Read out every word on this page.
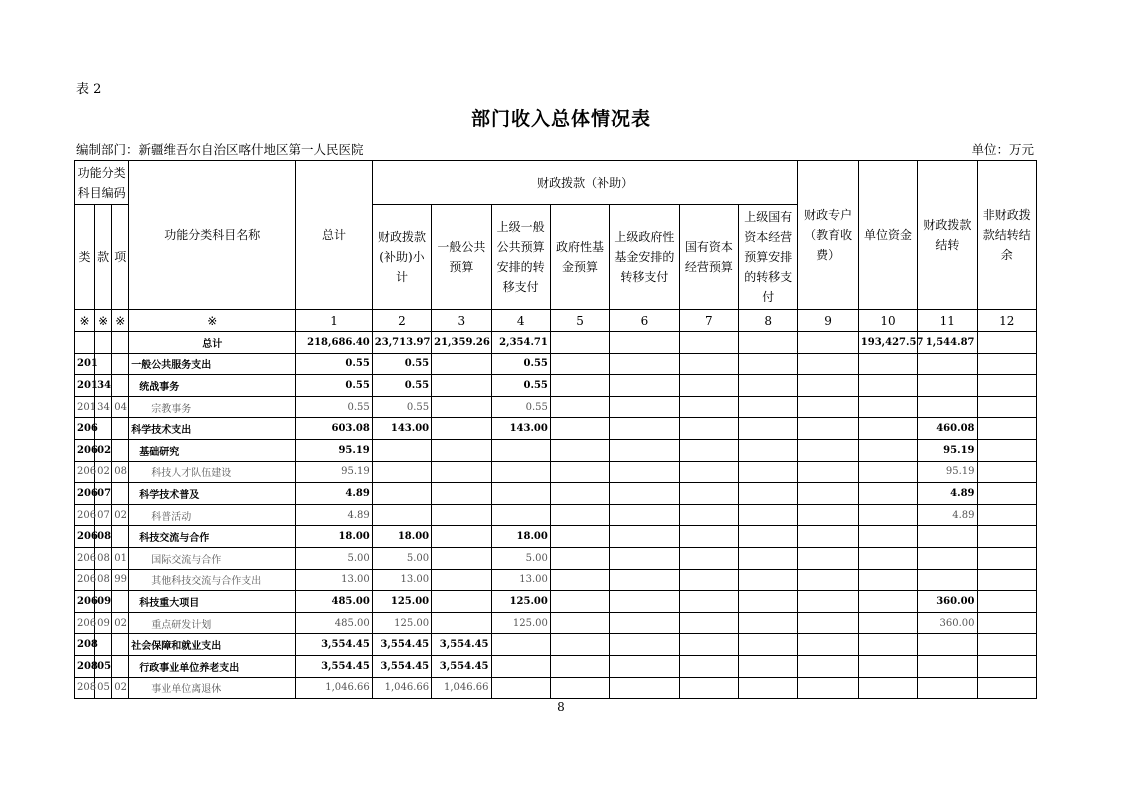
表 2
部门收入总体情况表
编制部门：新疆维吾尔自治区喀什地区第一人民医院	单位：万元
功能分类科目编码			功能分类科目名称	总计	财政拨款（补助）							财政专户（教育收费）	单位资金	财政拨款结转	非财政拨款结转结余
类	款	项			财政拨款(补助)小计	一般公共预算	上级一般公共预算安排的转移支付	政府性基金预算	上级政府性基金安排的转移支付	国有资本经营预算	上级国有资本经营预算安排的转移支付				
※	※	※	※	1	2	3	4	5	6	7	8	9	10	11	12
			总计	218,686.40	23,713.97	21,359.26	2,354.71						193,427.57	1,544.87	
201			一般公共服务支出	0.55	0.55		0.55								
201	34		统战事务	0.55	0.55		0.55								
201	34	04	宗教事务	0.55	0.55		0.55								
206			科学技术支出	603.08	143.00		143.00							460.08	
206	02		基础研究	95.19										95.19	
206	02	08	科技人才队伍建设	95.19										95.19	
206	07		科学技术普及	4.89										4.89	
206	07	02	科普活动	4.89										4.89	
206	08		科技交流与合作	18.00	18.00		18.00								
206	08	01	国际交流与合作	5.00	5.00		5.00								
206	08	99	其他科技交流与合作支出	13.00	13.00		13.00								
206	09		科技重大项目	485.00	125.00		125.00							360.00	
206	09	02	重点研发计划	485.00	125.00		125.00							360.00	
208			社会保障和就业支出	3,554.45	3,554.45	3,554.45									
208	05		行政事业单位养老支出	3,554.45	3,554.45	3,554.45									
208	05	02	事业单位离退休	1,046.66	1,046.66	1,046.66									
8
